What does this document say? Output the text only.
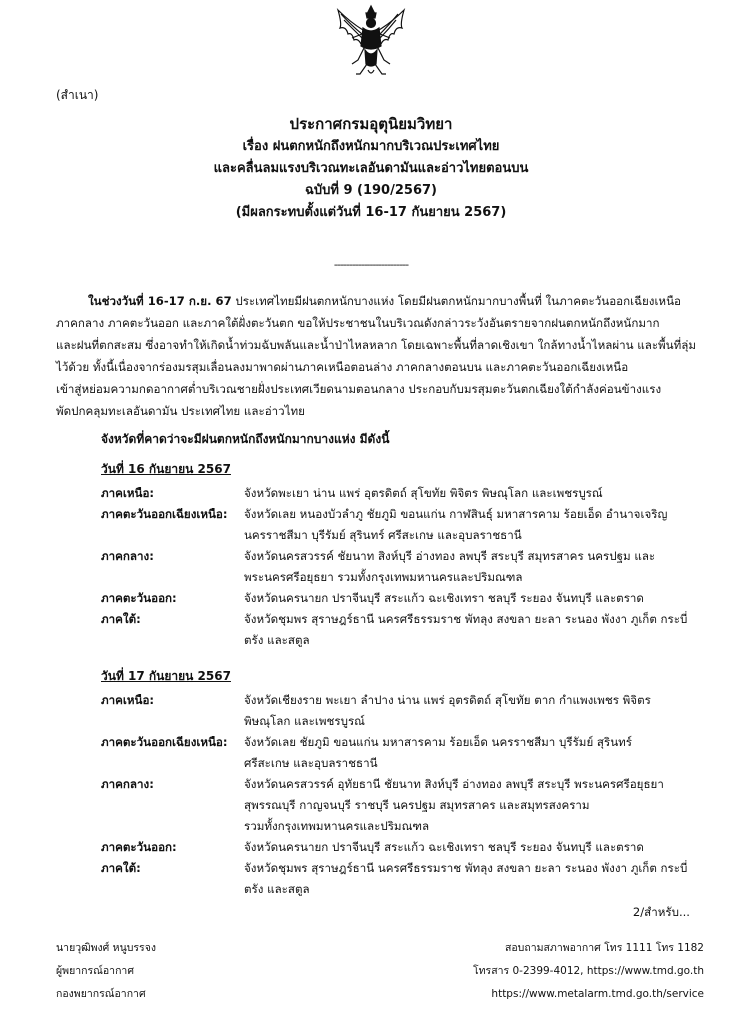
(สำเนา)
ประกาศกรมอุตุนิยมวิทยา
เรื่อง ฝนตกหนักถึงหนักมากบริเวณประเทศไทย
และคลื่นลมแรงบริเวณทะเลอันดามันและอ่าวไทยตอนบน
ฉบับที่ 9 (190/2567)
(มีผลกระทบตั้งแต่วันที่ 16-17 กันยายน 2567)
-------------------------
ในช่วงวันที่ 16-17 ก.ย. 67 ประเทศไทยมีฝนตกหนักบางแห่ง โดยมีฝนตกหนักมากบางพื้นที่ ในภาคตะวันออกเฉียงเหนือ
ภาคกลาง ภาคตะวันออก และภาคใต้ฝั่งตะวันตก ขอให้ประชาชนในบริเวณดังกล่าวระวังอันตรายจากฝนตกหนักถึงหนักมาก
และฝนที่ตกสะสม ซึ่งอาจทำให้เกิดน้ำท่วมฉับพลันและน้ำป่าไหลหลาก โดยเฉพาะพื้นที่ลาดเชิงเขา ใกล้ทางน้ำไหลผ่าน และพื้นที่ลุ่ม
ไว้ด้วย ทั้งนี้เนื่องจากร่องมรสุมเลื่อนลงมาพาดผ่านภาคเหนือตอนล่าง ภาคกลางตอนบน และภาคตะวันออกเฉียงเหนือ
เข้าสู่หย่อมความกดอากาศต่ำบริเวณชายฝั่งประเทศเวียดนามตอนกลาง ประกอบกับมรสุมตะวันตกเฉียงใต้กำลังค่อนข้างแรง
พัดปกคลุมทะเลอันดามัน ประเทศไทย และอ่าวไทย
จังหวัดที่คาดว่าจะมีฝนตกหนักถึงหนักมากบางแห่ง มีดังนี้
วันที่ 16 กันยายน 2567
ภาคเหนือ:	จังหวัดพะเยา น่าน แพร่ อุตรดิตถ์ สุโขทัย พิจิตร พิษณุโลก และเพชรบูรณ์
ภาคตะวันออกเฉียงเหนือ: จังหวัดเลย หนองบัวลำภู ชัยภูมิ ขอนแก่น กาฬสินธุ์ มหาสารคาม ร้อยเอ็ด อำนาจเจริญ
นครราชสีมา บุรีรัมย์ สุรินทร์ ศรีสะเกษ และอุบลราชธานี
ภาคกลาง:	จังหวัดนครสวรรค์ ชัยนาท สิงห์บุรี อ่างทอง ลพบุรี สระบุรี สมุทรสาคร นครปฐม และ
พระนครศรีอยุธยา รวมทั้งกรุงเทพมหานครและปริมณฑล
ภาคตะวันออก:	จังหวัดนครนายก ปราจีนบุรี สระแก้ว ฉะเชิงเทรา ชลบุรี ระยอง จันทบุรี และตราด
ภาคใต้:	จังหวัดชุมพร สุราษฎร์ธานี นครศรีธรรมราช พัทลุง สงขลา ยะลา ระนอง พังงา ภูเก็ต กระบี่
ตรัง และสตูล
วันที่ 17 กันยายน 2567
ภาคเหนือ:	จังหวัดเชียงราย พะเยา ลำปาง น่าน แพร่ อุตรดิตถ์ สุโขทัย ตาก กำแพงเพชร พิจิตร
พิษณุโลก และเพชรบูรณ์
ภาคตะวันออกเฉียงเหนือ: จังหวัดเลย ชัยภูมิ ขอนแก่น มหาสารคาม ร้อยเอ็ด นครราชสีมา บุรีรัมย์ สุรินทร์
ศรีสะเกษ และอุบลราชธานี
ภาคกลาง:	จังหวัดนครสวรรค์ อุทัยธานี ชัยนาท สิงห์บุรี อ่างทอง ลพบุรี สระบุรี พระนครศรีอยุธยา
สุพรรณบุรี กาญจนบุรี ราชบุรี นครปฐม สมุทรสาคร และสมุทรสงคราม
รวมทั้งกรุงเทพมหานครและปริมณฑล
ภาคตะวันออก:	จังหวัดนครนายก ปราจีนบุรี สระแก้ว ฉะเชิงเทรา ชลบุรี ระยอง จันทบุรี และตราด
ภาคใต้:	จังหวัดชุมพร สุราษฎร์ธานี นครศรีธรรมราช พัทลุง สงขลา ยะลา ระนอง พังงา ภูเก็ต กระบี่
ตรัง และสตูล
2/สำหรับ...
นายวุฒิพงศ์ หนูบรรจง
ผู้พยากรณ์อากาศ
กองพยากรณ์อากาศ
สอบถามสภาพอากาศ โทร 1111 โทร 1182
โทรสาร 0-2399-4012, https://www.tmd.go.th
https://www.metalarm.tmd.go.th/service
